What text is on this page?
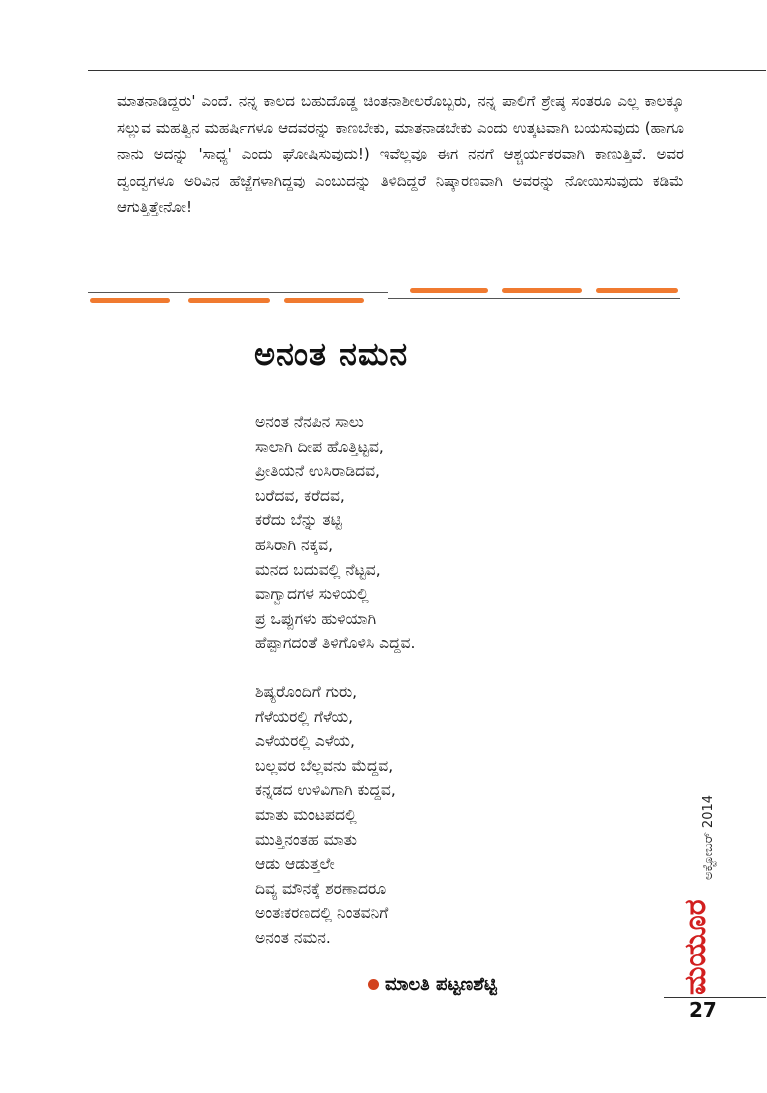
ಮಾತನಾಡಿದ್ದರು' ಎಂದೆ. ನನ್ನ ಕಾಲದ ಬಹುದೊಡ್ಡ ಚಿಂತನಾಶೀಲರೊಬ್ಬರು, ನನ್ನ ಪಾಲಿಗೆ ಶ್ರೇಷ್ಠ ಸಂತರೂ ಎಲ್ಲ ಕಾಲಕ್ಕೂ ಸಲ್ಲುವ ಮಹತ್ವಿನ ಮಹರ್ಷಿಗಳೂ ಆದವರನ್ನು ಕಾಣಬೇಕು, ಮಾತನಾಡಬೇಕು ಎಂದು ಉತ್ಕಟವಾಗಿ ಬಯಸುವುದು (ಹಾಗೂ ನಾನು ಅದನ್ನು 'ಸಾಧ್ಯ' ಎಂದು ಘೋಷಿಸುವುದು!) ಇವೆಲ್ಲವೂ ಈಗ ನನಗೆ ಆಶ್ಚರ್ಯಕರವಾಗಿ ಕಾಣುತ್ತಿವೆ. ಅವರ ದ್ವಂದ್ವಗಳೂ ಅರಿವಿನ ಹೆಜ್ಜೆಗಳಾಗಿದ್ದವು ಎಂಬುದನ್ನು ತಿಳಿದಿದ್ದರೆ ನಿಷ್ಕಾರಣವಾಗಿ ಅವರನ್ನು ನೋಯಿಸುವುದು ಕಡಿಮೆ ಆಗುತ್ತಿತ್ತೇನೋ!

ಅನಂತ ನಮನ
ಅನಂತ ನೆನಪಿನ ಸಾಲು
ಸಾಲಾಗಿ ದೀಪ ಹೊತ್ತಿಟ್ಟವ,
ಪ್ರೀತಿಯನೆ ಉಸಿರಾಡಿದವ,
ಬರೆದವ, ಕರೆದವ,
ಕರೆದು ಬೆನ್ನು ತಟ್ಟಿ
ಹಸಿರಾಗಿ ನಕ್ಕವ,
ಮನದ ಬದುವಲ್ಲಿ ನೆಟ್ಟವ,
ವಾಗ್ವಾದಗಳ ಸುಳಿಯಲ್ಲಿ
ಪ್ರ ಒಪ್ಪುಗಳು ಹುಳಿಯಾಗಿ
ಹೆಪ್ಪಾಗದಂತೆ ತಿಳಿಗೊಳಿಸಿ ಎದ್ದವ.
ಶಿಷ್ಯರೊಂದಿಗೆ ಗುರು,
ಗೆಳೆಯರಲ್ಲಿ ಗೆಳೆಯ,
ಎಳೆಯರಲ್ಲಿ ಎಳೆಯ,
ಬಲ್ಲವರ ಬೆಲ್ಲವನು ಮೆದ್ದವ,
ಕನ್ನಡದ ಉಳಿವಿಗಾಗಿ ಕುದ್ದವ,
ಮಾತು ಮಂಟಪದಲ್ಲಿ
ಮುತ್ತಿನಂತಹ ಮಾತು
ಆಡು ಆಡುತ್ತಲೇ
ದಿವ್ಯ ಮೌನಕ್ಕೆ ಶರಣಾದರೂ
ಅಂತಃಕರಣದಲ್ಲಿ ನಿಂತವನಿಗೆ
ಅನಂತ ನಮನ.
ಮಾಲತಿ ಪಟ್ಟಣಶೆಟ್ಟಿ	ಮಯೂರ
ಅಕ್ಟೋಬರ್ 2014
27
